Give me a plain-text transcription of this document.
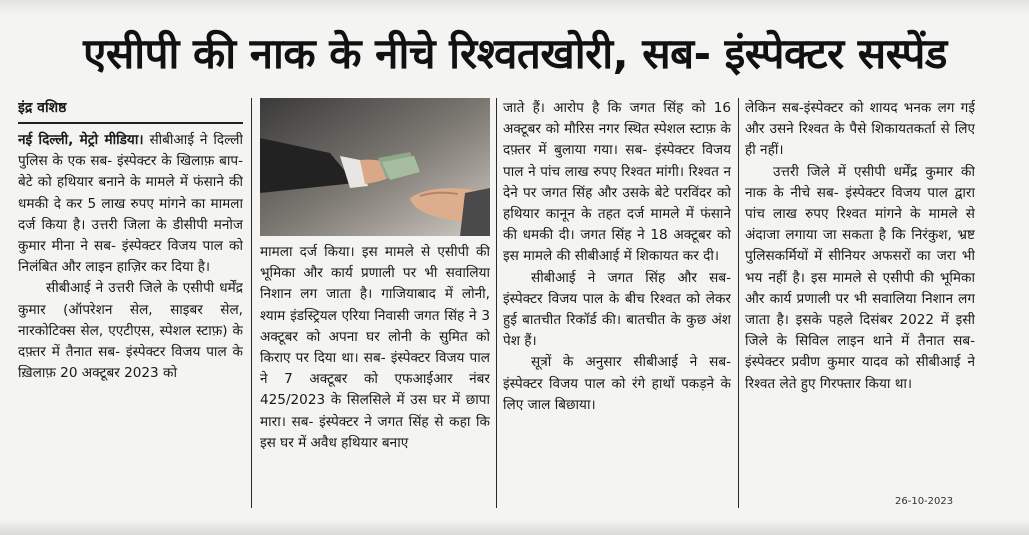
एसीपी की नाक के नीचे रिश्वतखोरी, सब- इंस्पेक्टर सस्पेंड
इंद्र वशिष्ठ

नई दिल्ली, मेट्रो मीडिया। सीबीआई ने दिल्ली पुलिस के एक सब- इंस्पेक्टर के खिलाफ़ बाप-बेटे को हथियार बनाने के मामले में फंसाने की धमकी दे कर 5 लाख रुपए मांगने का मामला दर्ज किया है। उत्तरी जिला के डीसीपी मनोज कुमार मीना ने सब- इंस्पेक्टर विजय पाल को निलंबित और लाइन हाज़िर कर दिया है।

सीबीआई ने उत्तरी जिले के एसीपी धर्मेंद्र कुमार (ऑपरेशन सेल, साइबर सेल, नारकोटिक्स सेल, एएटीएस, स्पेशल स्टाफ़) के दफ़्तर में तैनात सब- इंस्पेक्टर विजय पाल के ख़िलाफ़ 20 अक्टूबर 2023 को

मामला दर्ज किया। इस मामले से एसीपी की भूमिका और कार्य प्रणाली पर भी सवालिया निशान लग जाता है। गाजियाबाद में लोनी, श्याम इंडस्ट्रियल एरिया निवासी जगत सिंह ने 3 अक्टूबर को अपना घर लोनी के सुमित को किराए पर दिया था। सब- इंस्पेक्टर विजय पाल ने 7 अक्टूबर को एफआईआर नंबर 425/2023 के सिलसिले में उस घर में छापा मारा। सब- इंस्पेक्टर ने जगत सिंह से कहा कि इस घर में अवैध हथियार बनाए

जाते हैं। आरोप है कि जगत सिंह को 16 अक्टूबर को मौरिस नगर स्थित स्पेशल स्टाफ़ के दफ़्तर में बुलाया गया। सब- इंस्पेक्टर विजय पाल ने पांच लाख रुपए रिश्वत मांगी। रिश्वत न देने पर जगत सिंह और उसके बेटे परविंदर को हथियार कानून के तहत दर्ज मामले में फंसाने की धमकी दी। जगत सिंह ने 18 अक्टूबर को इस मामले की सीबीआई में शिकायत कर दी।

सीबीआई ने जगत सिंह और सब- इंस्पेक्टर विजय पाल के बीच रिश्वत को लेकर हुई बातचीत रिकॉर्ड की। बातचीत के कुछ अंश पेश हैं।

सूत्रों के अनुसार सीबीआई ने सब- इंस्पेक्टर विजय पाल को रंगे हाथों पकड़ने के लिए जाल बिछाया।

लेकिन सब-इंस्पेक्टर को शायद भनक लग गई और उसने रिश्वत के पैसे शिकायतकर्ता से लिए ही नहीं।

उत्तरी जिले में एसीपी धर्मेंद्र कुमार की नाक के नीचे सब- इंस्पेक्टर विजय पाल द्वारा पांच लाख रुपए रिश्वत मांगने के मामले से अंदाजा लगाया जा सकता है कि निरंकुश, भ्रष्ट पुलिसकर्मियों में सीनियर अफसरों का जरा भी भय नहीं है। इस मामले से एसीपी की भूमिका और कार्य प्रणाली पर भी सवालिया निशान लग जाता है। इसके पहले दिसंबर 2022 में इसी जिले के सिविल लाइन थाने में तैनात सब- इंस्पेक्टर प्रवीण कुमार यादव को सीबीआई ने रिश्वत लेते हुए गिरफ्तार किया था।

26-10-2023
